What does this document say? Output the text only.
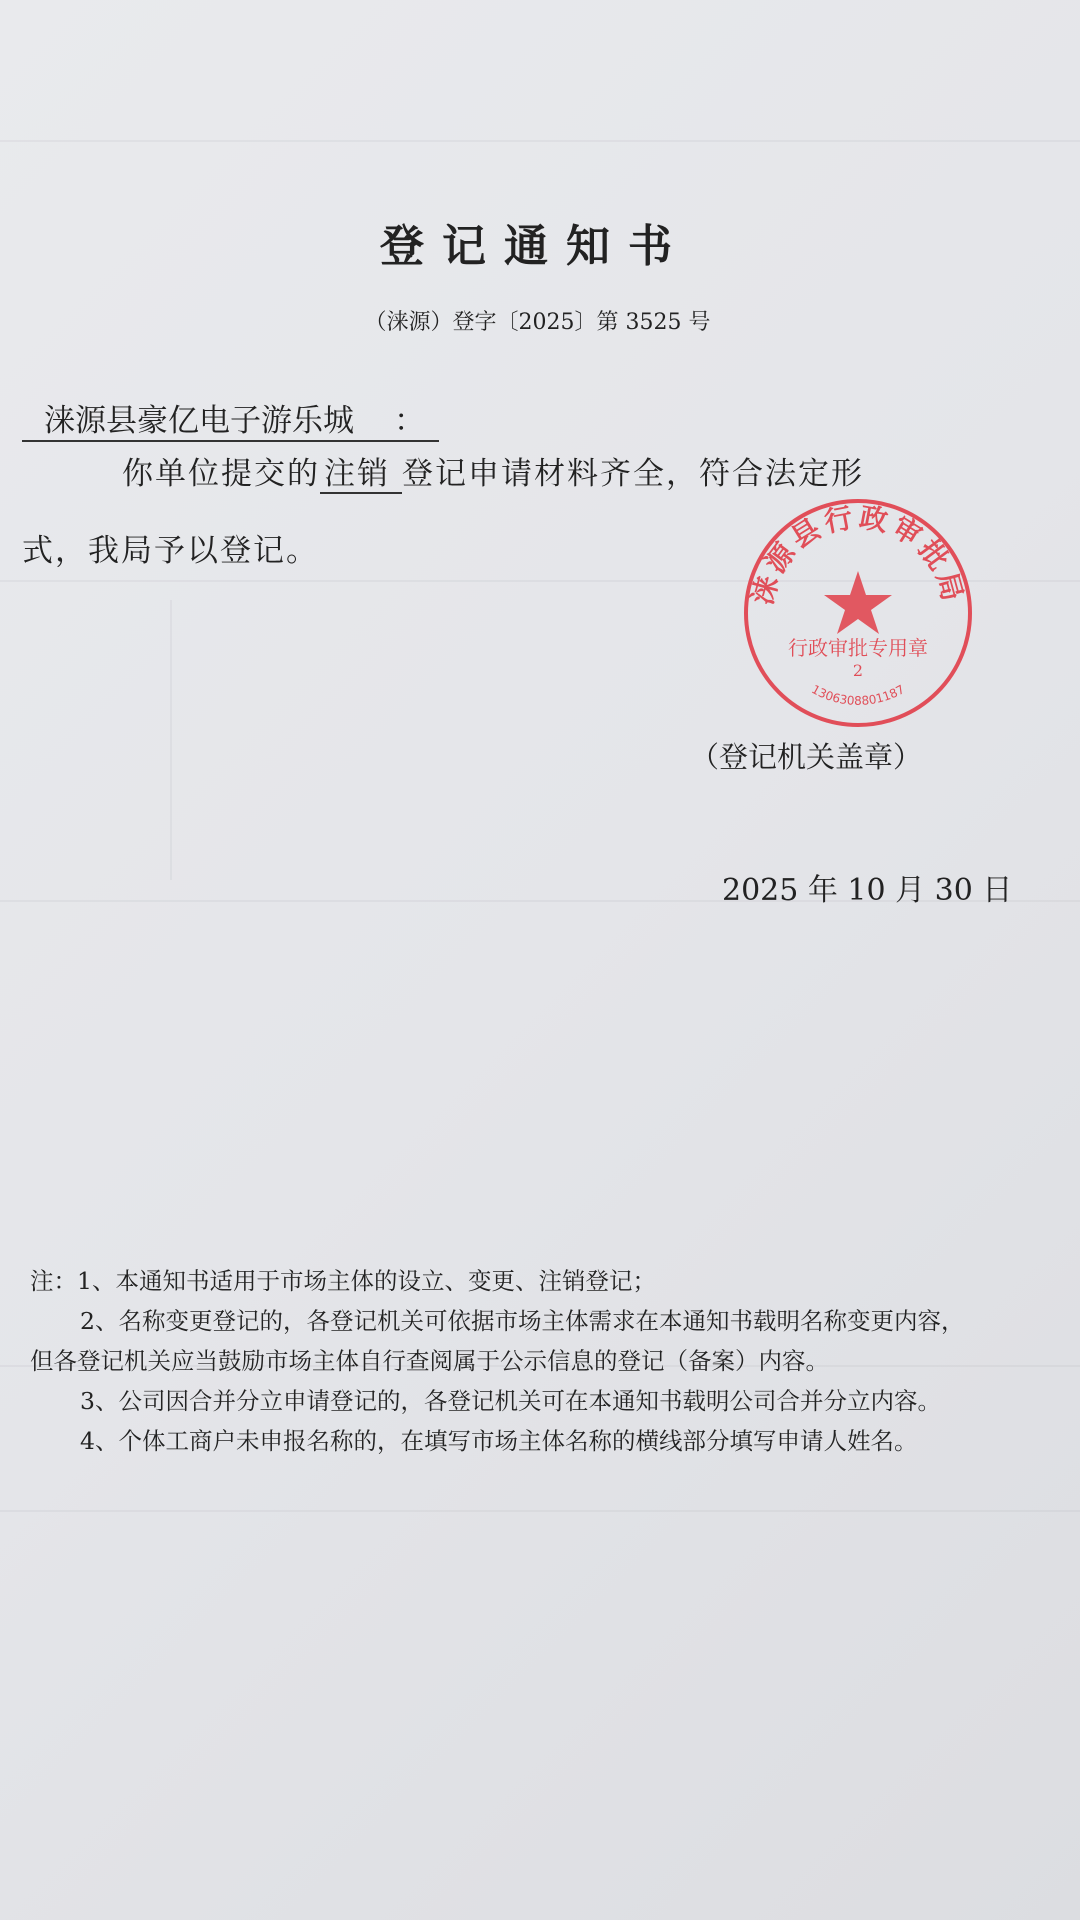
登记通知书
（涞源）登字〔2025〕第 3525 号
涞源县豪亿电子游乐城 ：
你单位提交的 注销 登记申请材料齐全，符合法定形
式，我局予以登记。
涞源县行政审批局
行政审批专用章
2
1306308801187
（登记机关盖章）
2025 年 10 月 30 日
注：1、本通知书适用于市场主体的设立、变更、注销登记；
2、名称变更登记的，各登记机关可依据市场主体需求在本通知书载明名称变更内容，
但各登记机关应当鼓励市场主体自行查阅属于公示信息的登记（备案）内容。
3、公司因合并分立申请登记的，各登记机关可在本通知书载明公司合并分立内容。
4、个体工商户未申报名称的，在填写市场主体名称的横线部分填写申请人姓名。
